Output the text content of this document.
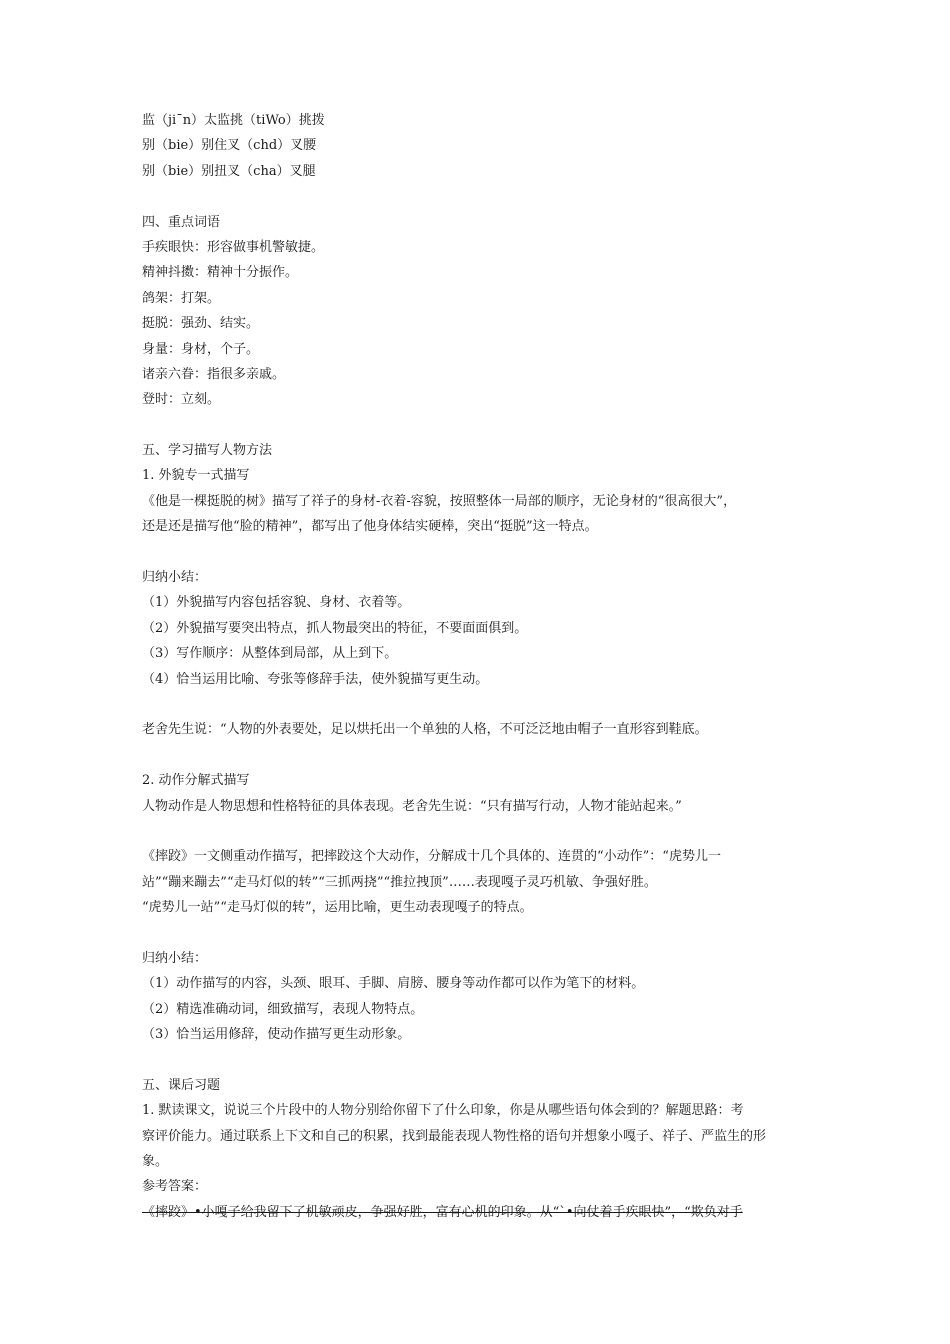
监（ji¯n）太监挑（tiWo）挑拨
别（bie）别住叉（chd）叉腰
别（bie）别扭叉（cha）叉腿
四、重点词语
手疾眼快：形容做事机警敏捷。
精神抖擞：精神十分振作。
鸽架：打架。
挺脱：强劲、结实。
身量：身材，个子。
诸亲六眷：指很多亲戚。
登时：立刻。
五、学习描写人物方法
1. 外貌专一式描写
《他是一棵挺脱的树》描写了祥子的身材-衣着-容貌，按照整体一局部的顺序，无论身材的“很高很大”，
还是还是描写他“脸的精神”，都写出了他身体结实硬棒，突出“挺脱”这一特点。
归纳小结：
（1）外貌描写内容包括容貌、身材、衣着等。
（2）外貌描写要突出特点，抓人物最突出的特征，不要面面俱到。
（3）写作顺序：从整体到局部，从上到下。
（4）恰当运用比喻、夸张等修辞手法，使外貌描写更生动。
老舍先生说：“人物的外表要处，足以烘托出一个单独的人格，不可泛泛地由帽子一直形容到鞋底。
2. 动作分解式描写
人物动作是人物思想和性格特征的具体表现。老舍先生说：“只有描写行动，人物才能站起来。”
《摔跤》一文侧重动作描写，把摔跤这个大动作，分解成十几个具体的、连贯的“小动作”：“虎势儿一
站”“蹦来蹦去”“走马灯似的转”“三抓两挠”“推拉拽顶”……表现嘎子灵巧机敏、争强好胜。
“虎势儿一站”“走马灯似的转”，运用比喻，更生动表现嘎子的特点。
归纳小结：
（1）动作描写的内容，头颈、眼耳、手脚、肩膀、腰身等动作都可以作为笔下的材料。
（2）精选准确动词，细致描写，表现人物特点。
（3）恰当运用修辞，使动作描写更生动形象。
五、课后习题
1. 默读课文，说说三个片段中的人物分别给你留下了什么印象，你是从哪些语句体会到的？解题思路：考
察评价能力。通过联系上下文和自己的积累，找到最能表现人物性格的语句并想象小嘎子、祥子、严监生的形
象。
参考答案：
《摔跤》•小嘎子给我留下了机敏顽皮，争强好胜，富有心机的印象。从“`•向仗着手疾眼快”，“欺负对手
